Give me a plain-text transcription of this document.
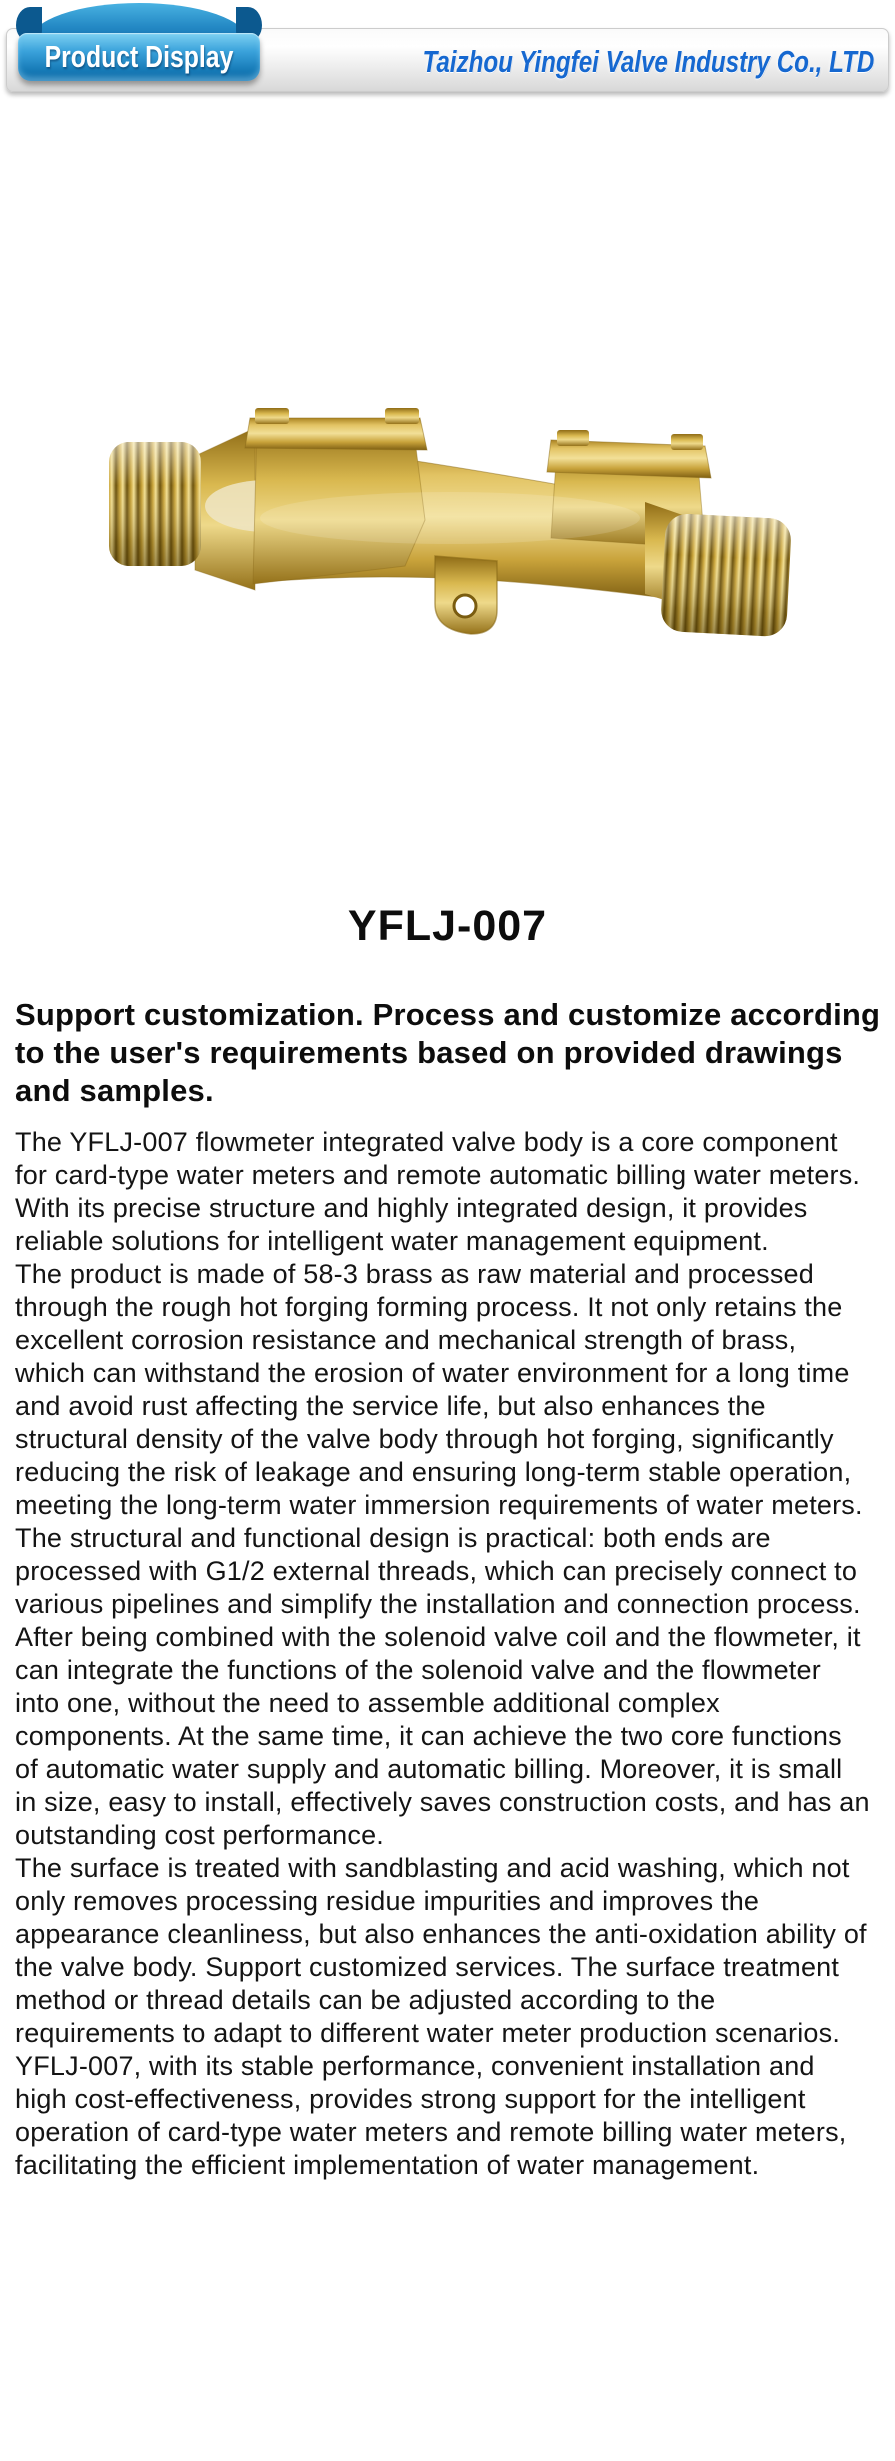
Taizhou Yingfei Valve Industry Co., LTD
Product Display
YFLJ-007
Support customization. Process and customize according to the user's requirements based on provided drawings and samples.

The YFLJ-007 flowmeter integrated valve body is a core component for card-type water meters and remote automatic billing water meters. With its precise structure and highly integrated design, it provides reliable solutions for intelligent water management equipment.

The product is made of 58-3 brass as raw material and processed through the rough hot forging forming process. It not only retains the excellent corrosion resistance and mechanical strength of brass, which can withstand the erosion of water environment for a long time and avoid rust affecting the service life, but also enhances the structural density of the valve body through hot forging, significantly reducing the risk of leakage and ensuring long-term stable operation, meeting the long-term water immersion requirements of water meters.

The structural and functional design is practical: both ends are processed with G1/2 external threads, which can precisely connect to various pipelines and simplify the installation and connection process. After being combined with the solenoid valve coil and the flowmeter, it can integrate the functions of the solenoid valve and the flowmeter into one, without the need to assemble additional complex components. At the same time, it can achieve the two core functions of automatic water supply and automatic billing. Moreover, it is small in size, easy to install, effectively saves construction costs, and has an outstanding cost performance.

The surface is treated with sandblasting and acid washing, which not only removes processing residue impurities and improves the appearance cleanliness, but also enhances the anti-oxidation ability of the valve body. Support customized services. The surface treatment method or thread details can be adjusted according to the requirements to adapt to different water meter production scenarios.

YFLJ-007, with its stable performance, convenient installation and high cost-effectiveness, provides strong support for the intelligent operation of card-type water meters and remote billing water meters, facilitating the efficient implementation of water management.
